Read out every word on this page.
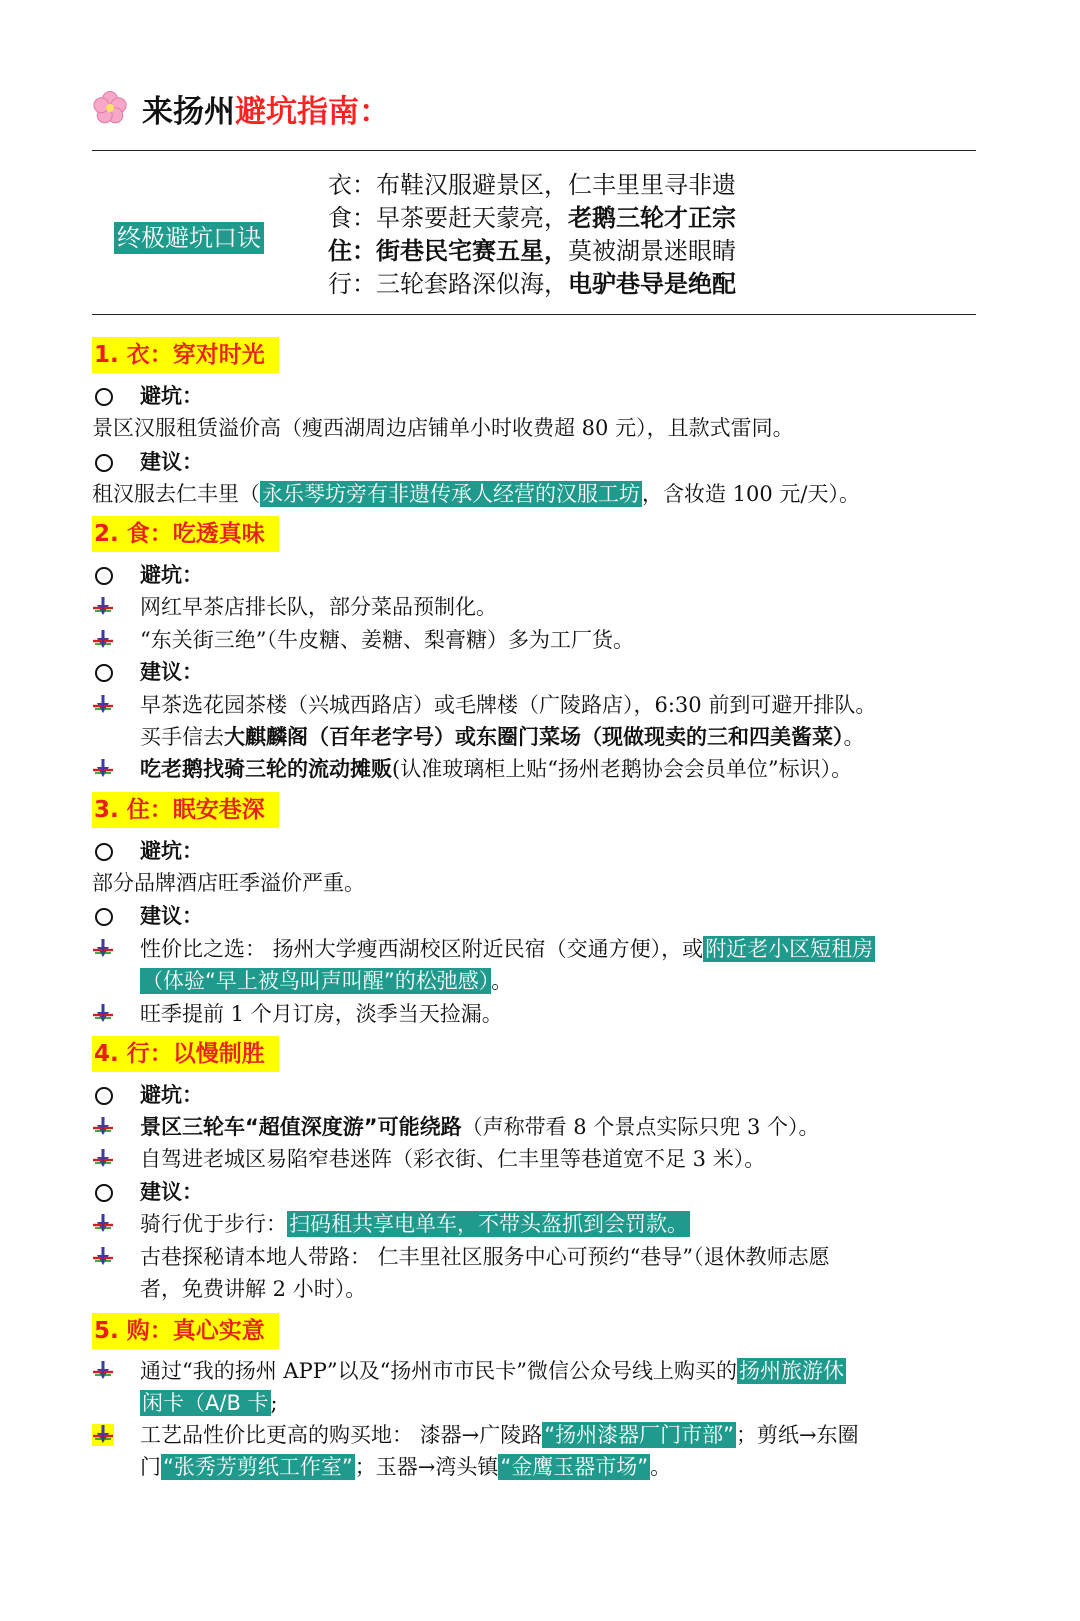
来扬州 避坑指南：
终极避坑口诀
衣：布鞋汉服避景区，仁丰里里寻非遗
食：早茶要赶天蒙亮，老鹅三轮才正宗
住：街巷民宅赛五星，莫被湖景迷眼睛
行：三轮套路深似海，电驴巷导是绝配
1. 衣：穿对时光
避坑：
景区汉服租赁溢价高（瘦西湖周边店铺单小时收费超 80 元），且款式雷同。
建议：
租汉服去仁丰里（永乐琴坊旁有非遗传承人经营的汉服工坊，含妆造 100 元/天）。
2. 食：吃透真味
避坑：
网红早茶店排长队，部分菜品预制化。
“东关街三绝”（牛皮糖、姜糖、梨膏糖）多为工厂货。
建议：
早茶选花园茶楼（兴城西路店）或毛牌楼（广陵路店），6:30 前到可避开排队。
买手信去大麒麟阁（百年老字号）或东圈门菜场（现做现卖的三和四美酱菜）。
吃老鹅找骑三轮的流动摊贩(认准玻璃柜上贴“扬州老鹅协会会员单位”标识）。
3. 住：眠安巷深
避坑：
部分品牌酒店旺季溢价严重。
建议：
性价比之选： 扬州大学瘦西湖校区附近民宿（交通方便），或附近老小区短租房
（体验“早上被鸟叫声叫醒”的松弛感）。
旺季提前 1 个月订房，淡季当天捡漏。
4. 行：以慢制胜
避坑：
景区三轮车“超值深度游”可能绕路（声称带看 8 个景点实际只兜 3 个）。
自驾进老城区易陷窄巷迷阵（彩衣街、仁丰里等巷道宽不足 3 米）。
建议：
骑行优于步行：扫码租共享电单车，不带头盔抓到会罚款。
古巷探秘请本地人带路： 仁丰里社区服务中心可预约“巷导”（退休教师志愿
者，免费讲解 2 小时）。
5. 购：真心实意
通过“我的扬州 APP”以及“扬州市市民卡”微信公众号线上购买的扬州旅游休
闲卡（A/B 卡;
工艺品性价比更高的购买地： 漆器→广陵路“扬州漆器厂门市部”；剪纸→东圈
门“张秀芳剪纸工作室”；玉器→湾头镇“金鹰玉器市场”。
